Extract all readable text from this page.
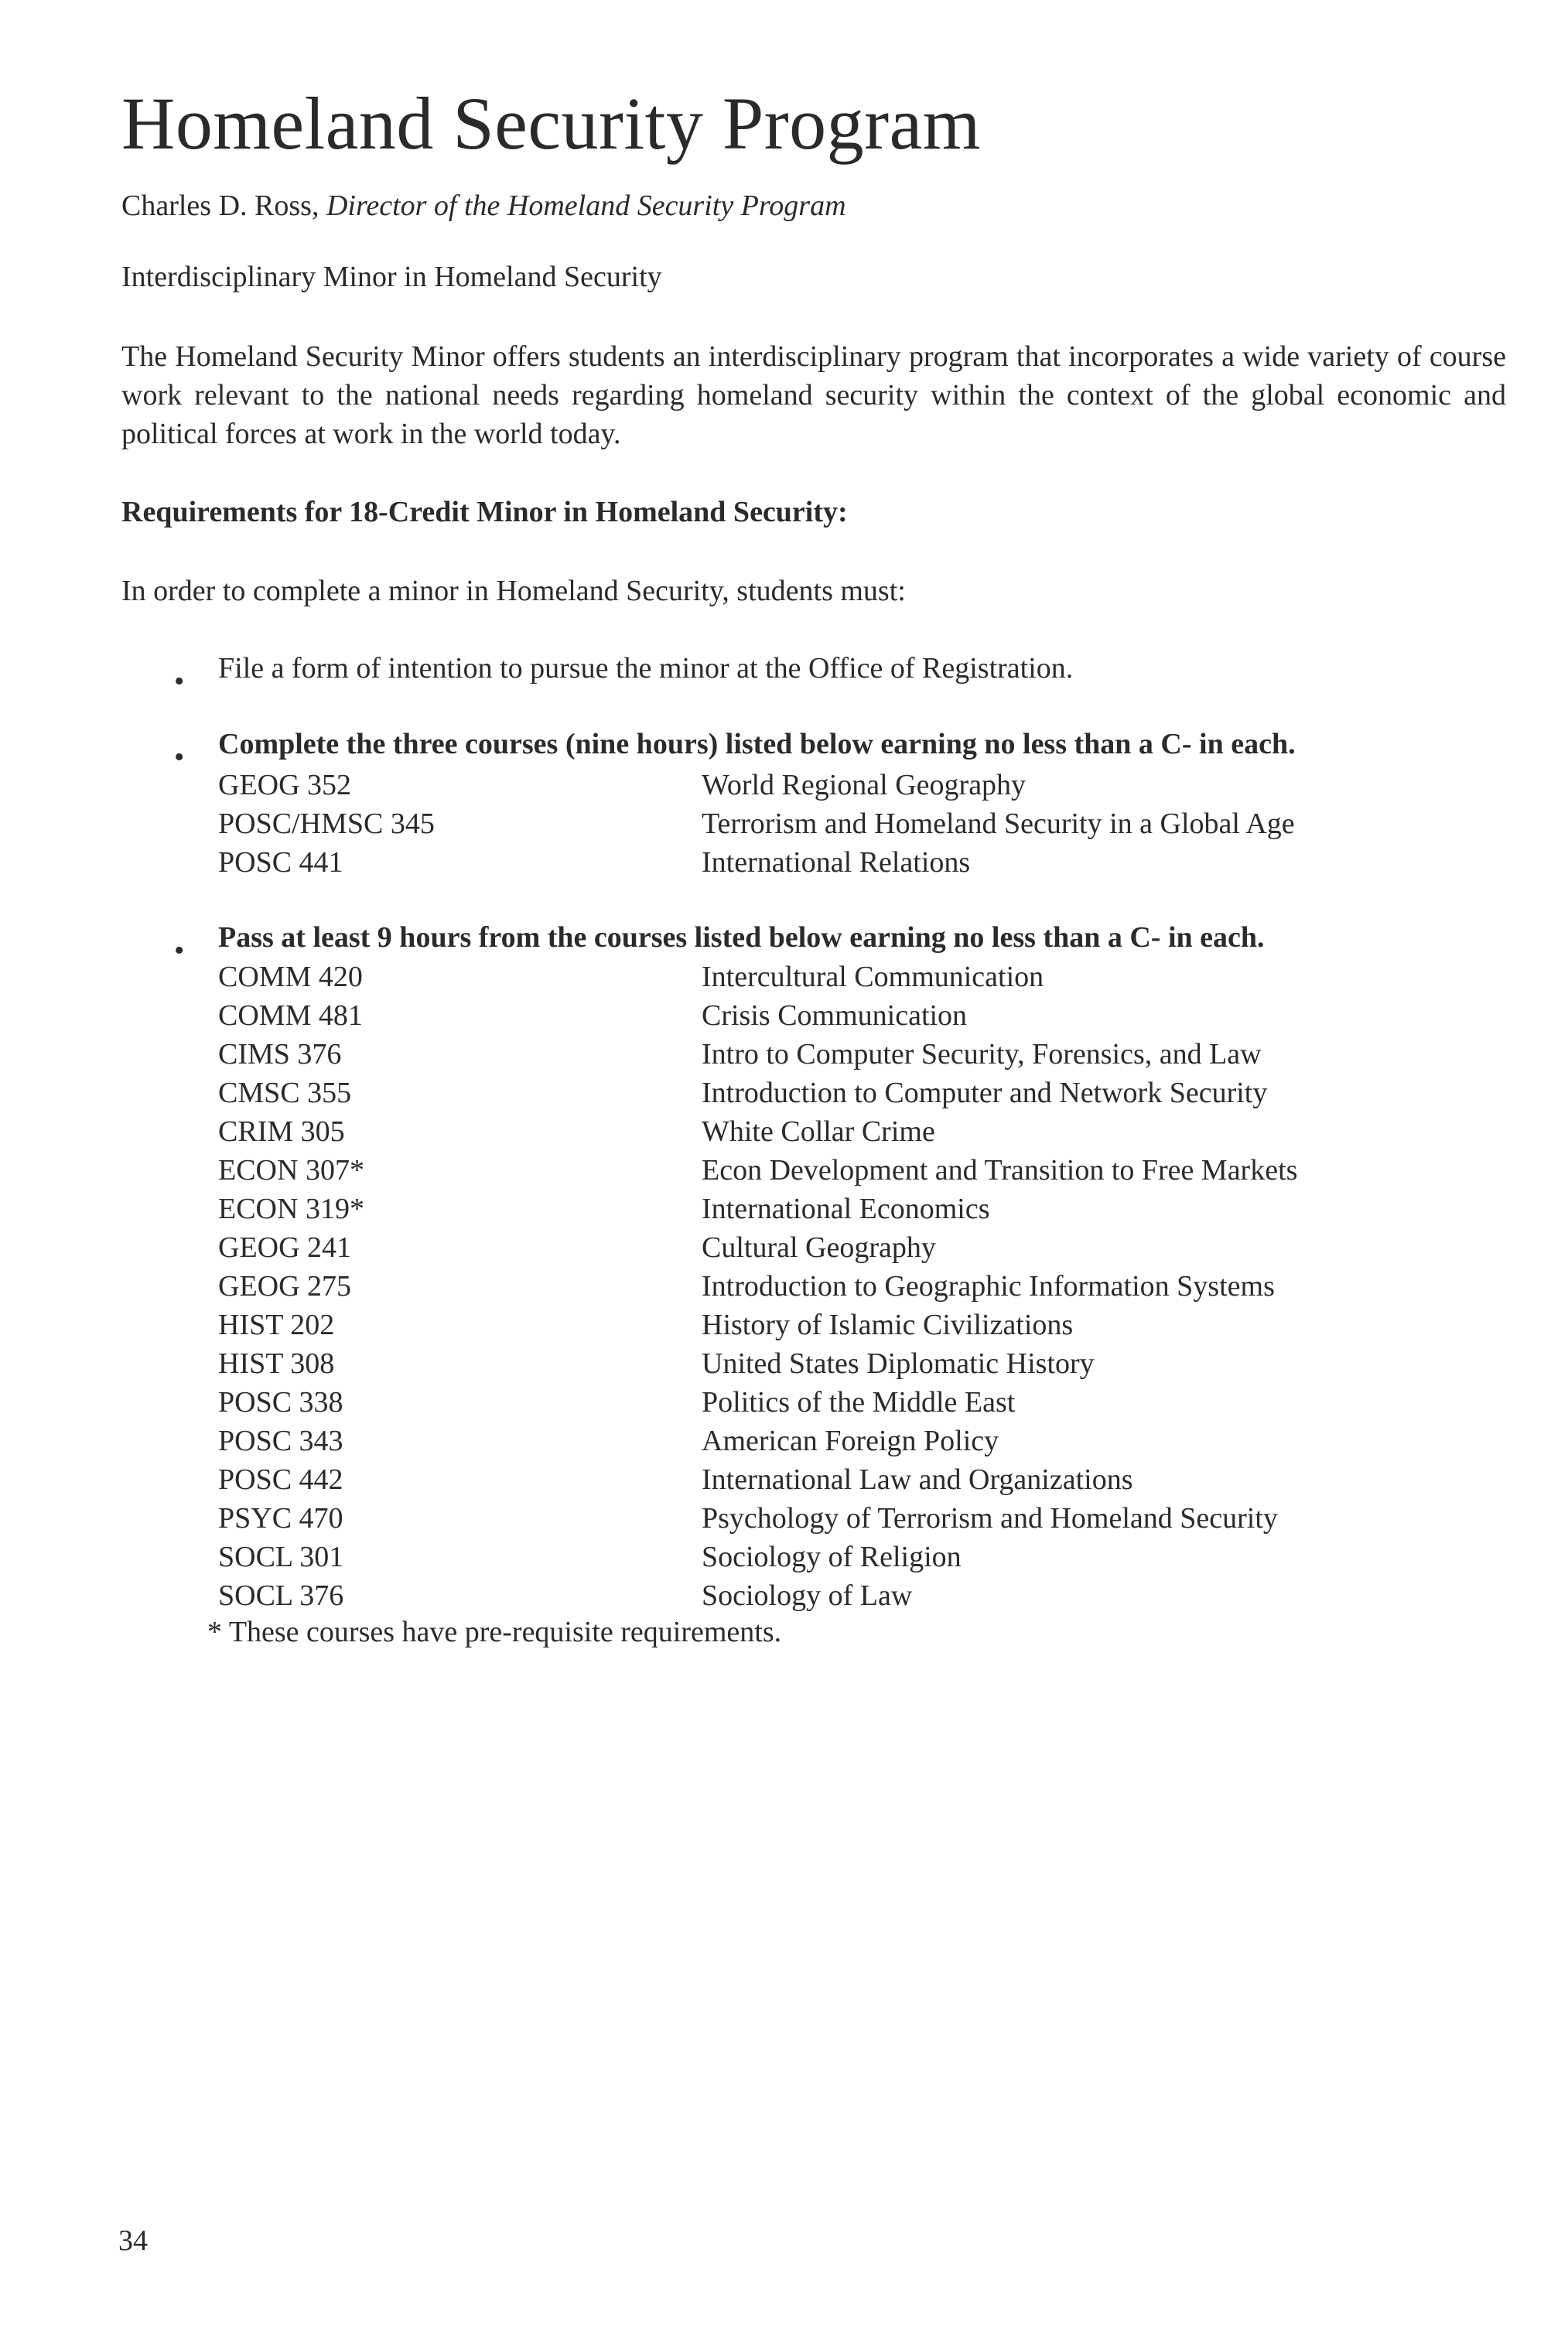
Homeland Security Program

Charles D. Ross, Director of the Homeland Security Program

Interdisciplinary Minor in Homeland Security

The Homeland Security Minor offers students an interdisciplinary program that incorporates a wide variety of course work relevant to the national needs regarding homeland security within the context of the global economic and political forces at work in the world today.

Requirements for 18-Credit Minor in Homeland Security:

In order to complete a minor in Homeland Security, students must:

• File a form of intention to pursue the minor at the Office of Registration.

• Complete the three courses (nine hours) listed below earning no less than a C- in each.

GEOG 352	World Regional Geography
POSC/HMSC 345	Terrorism and Homeland Security in a Global Age
POSC 441	International Relations
• Pass at least 9 hours from the courses listed below earning no less than a C- in each.

COMM 420	Intercultural Communication
COMM 481	Crisis Communication
CIMS 376	Intro to Computer Security, Forensics, and Law
CMSC 355	Introduction to Computer and Network Security
CRIM 305	White Collar Crime
ECON 307*	Econ Development and Transition to Free Markets
ECON 319*	International Economics
GEOG 241	Cultural Geography
GEOG 275	Introduction to Geographic Information Systems
HIST 202	History of Islamic Civilizations
HIST 308	United States Diplomatic History
POSC 338	Politics of the Middle East
POSC 343	American Foreign Policy
POSC 442	International Law and Organizations
PSYC 470	Psychology of Terrorism and Homeland Security
SOCL 301	Sociology of Religion
SOCL 376	Sociology of Law

* These courses have pre-requisite requirements.

34
